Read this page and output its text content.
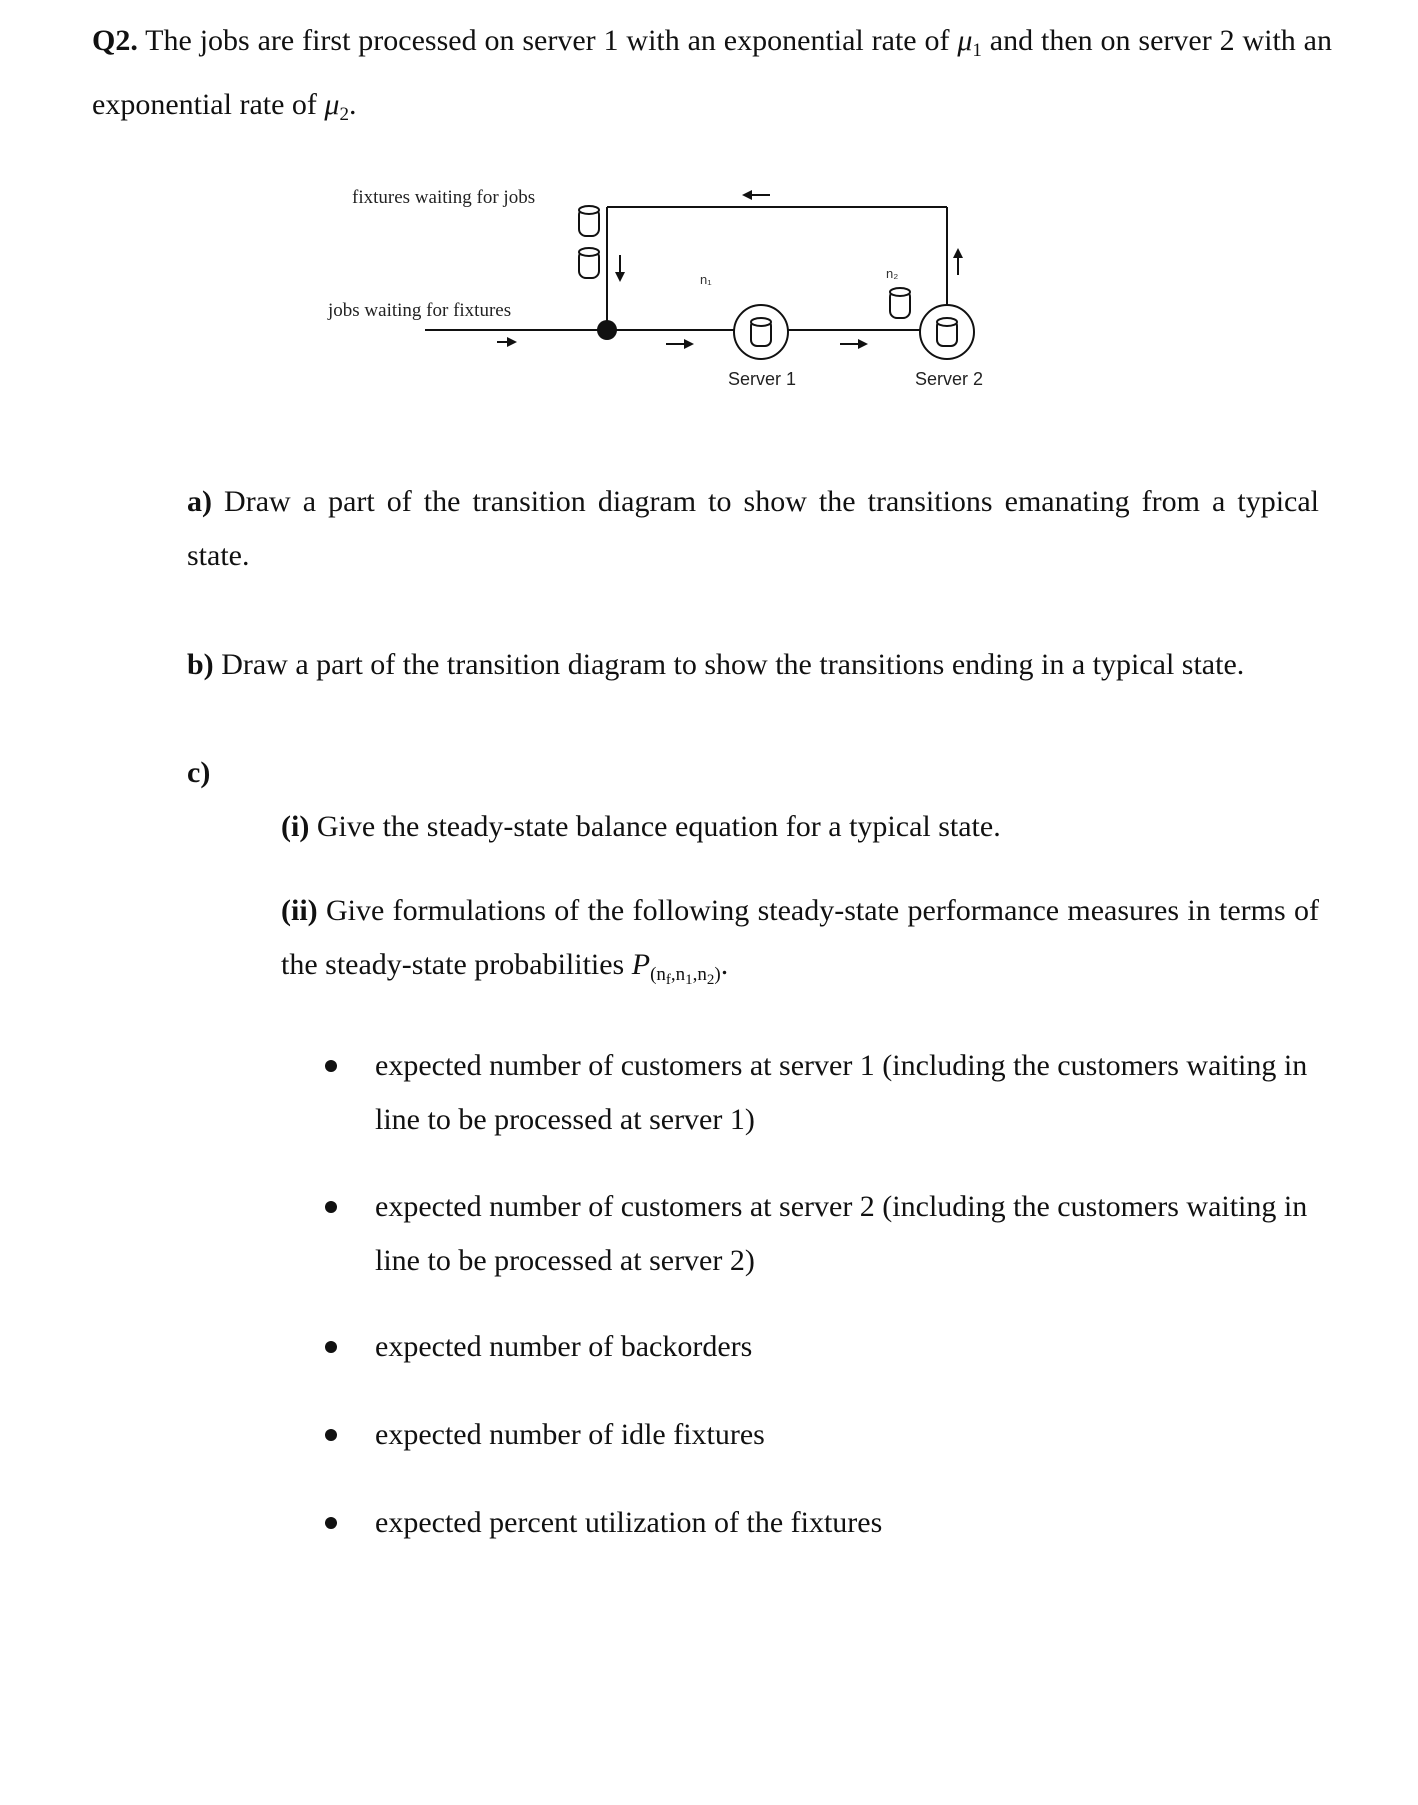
Q2. The jobs are first processed on server 1 with an exponential rate of $\mu_1$ and then on server 2 with an exponential rate of $\mu_2$.
fixtures waiting for jobs
jobs waiting for fixtures
n₁	n₂
Server 1	Server 2
a) Draw a part of the transition diagram to show the transitions emanating from a typical state.
b) Draw a part of the transition diagram to show the transitions ending in a typical state.
c)
(i) Give the steady-state balance equation for a typical state.
(ii) Give formulations of the following steady-state performance measures in terms of the steady-state probabilities $P_{(n_f,n_1,n_2)}$.
expected number of customers at server 1 (including the customers waiting in line to be processed at server 1)
expected number of customers at server 2 (including the customers waiting in line to be processed at server 2)
expected number of backorders
expected number of idle fixtures
expected percent utilization of the fixtures
